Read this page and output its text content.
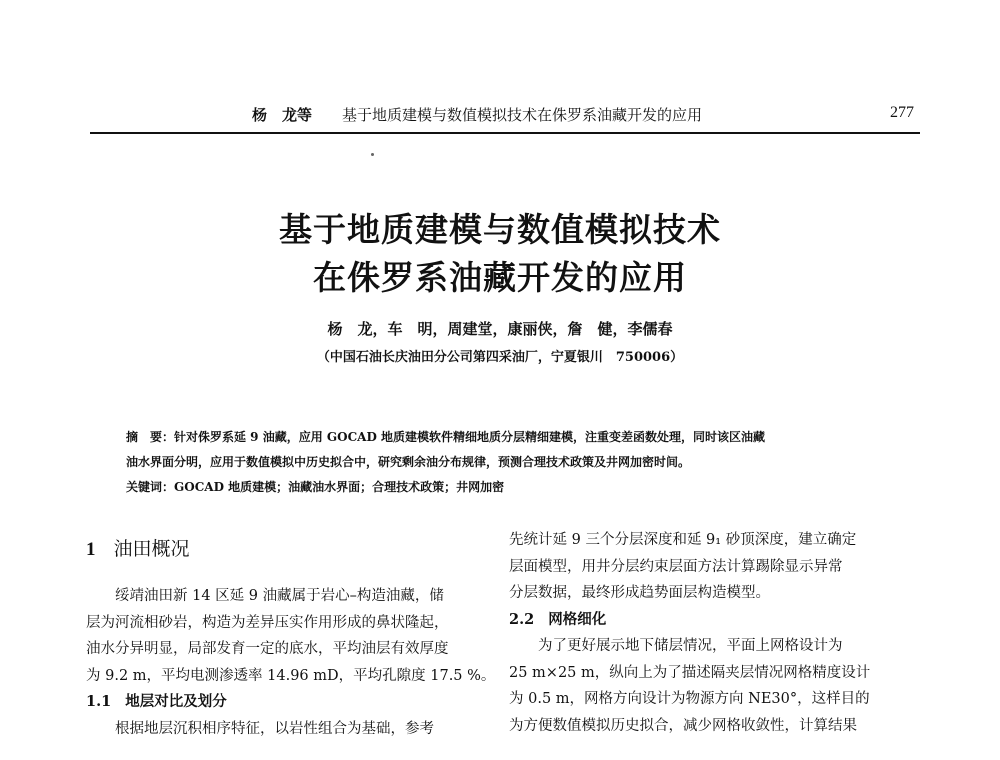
杨　龙等 基于地质建模与数值模拟技术在侏罗系油藏开发的应用	277
基于地质建模与数值模拟技术
在侏罗系油藏开发的应用
杨　龙，车　明，周建堂，康丽侠，詹　健，李儒春
（中国石油长庆油田分公司第四采油厂，宁夏银川　750006）
摘　要：针对侏罗系延 9 油藏，应用 GOCAD 地质建模软件精细地质分层精细建模，注重变差函数处理，同时该区油藏
油水界面分明，应用于数值模拟中历史拟合中，研究剩余油分布规律，预测合理技术政策及井网加密时间。
关键词：GOCAD 地质建模；油藏油水界面；合理技术政策；井网加密

1 油田概况

绥靖油田新 14 区延 9 油藏属于岩心–构造油藏，储

层为河流相砂岩，构造为差异压实作用形成的鼻状隆起，

油水分异明显，局部发育一定的底水，平均油层有效厚度

为 9.2 m，平均电测渗透率 14.96 mD，平均孔隙度 17.5 %。

1.1 地层对比及划分

根据地层沉积相序特征，以岩性组合为基础，参考

先统计延 9 三个分层深度和延 9₁ 砂顶深度，建立确定

层面模型，用井分层约束层面方法计算踢除显示异常

分层数据，最终形成趋势面层构造模型。

2.2 网格细化

为了更好展示地下储层情况，平面上网格设计为

25 m×25 m，纵向上为了描述隔夹层情况网格精度设计

为 0.5 m，网格方向设计为物源方向 NE30°，这样目的

为方便数值模拟历史拟合，减少网格收敛性，计算结果
